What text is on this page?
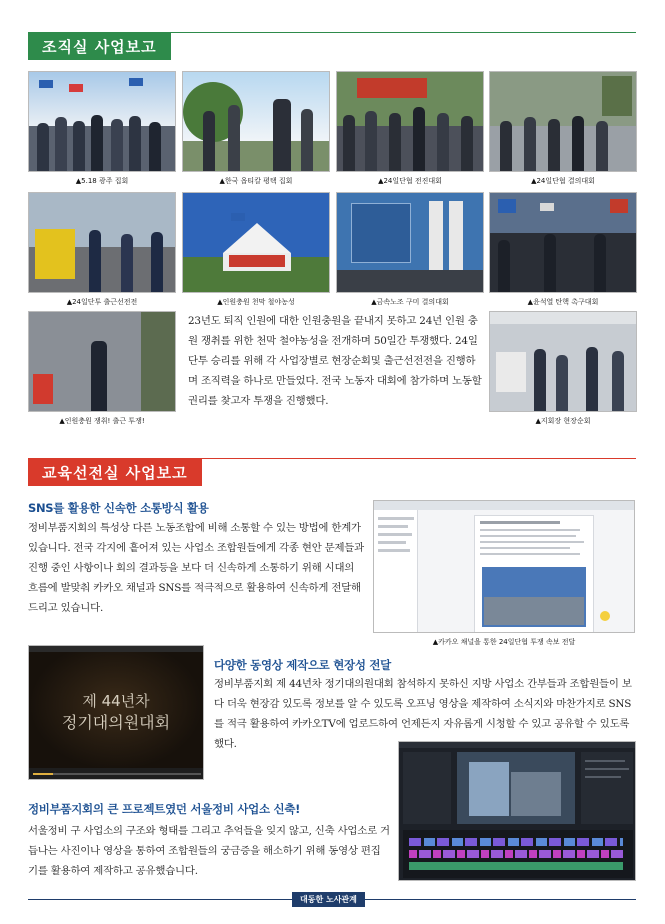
조직실 사업보고
▲5.18 광주 집회	▲한국 옵티칼 평택 집회	▲24일단협 전진대회	▲24일단협 결의대회
▲24일단투 출근선전전	▲인원충원 천막 철야농성	▲금속노조 구미 결의대회	▲윤석열 탄핵 촉구대회
▲인원충원 쟁취! 출근 투쟁!
23년도 퇴직 인원에 대한 인원충원을 끝내지 못하고 24년 인원 충원 쟁취를 위한 천막 철야농성을 전개하며 50일간 투쟁했다. 24일단투 승리를 위해 각 사업장별로 현장순회및 출근선전전을 진행하며 조직력을 하나로 만들었다. 전국 노동자 대회에 참가하며 노동할 권리를 찾고자 투쟁을 진행했다.
▲지회장 현장순회
교육선전실 사업보고
SNS를 활용한 신속한 소통방식 활용
정비부품지회의 특성상 다른 노동조합에 비해 소통할 수 있는 방법에 한계가 있습니다. 전국 각지에 흩어져 있는 사업소 조합원들에게 각종 현안 문제들과 진행 중인 사항이나 회의 결과등을 보다 더 신속하게 소통하기 위해 시대의 흐름에 발맞춰 카카오 채널과 SNS를 적극적으로 활용하여 신속하게 전달해드리고 있습니다.
▲카카오 채널을 통한 24일단협 투쟁 속보 전달
제 44년차
정기대의원대회
다양한 동영상 제작으로 현장성 전달
정비부품지회 제 44년차 정기대의원대회 참석하지 못하신 지방 사업소 간부들과 조합원들이 보다 더욱 현장감 있도록 정보를 알 수 있도록 오프닝 영상을 제작하여 소식지와 마찬가지로 SNS를 적극 활용하여 카카오TV에 업로드하여 언제든지 자유롭게 시청할 수 있고 공유할 수 있도록 했다.
정비부품지회의 큰 프로젝트였던 서울정비 사업소 신축!
서울정비 구 사업소의 구조와 형태를 그리고 추억들을 잊지 않고, 신축 사업소로 거듭나는 사진이나 영상을 통하여 조합원들의 궁금증을 해소하기 위해 동영상 편집기를 활용하여 제작하고 공유했습니다.
대동한 노사관계
